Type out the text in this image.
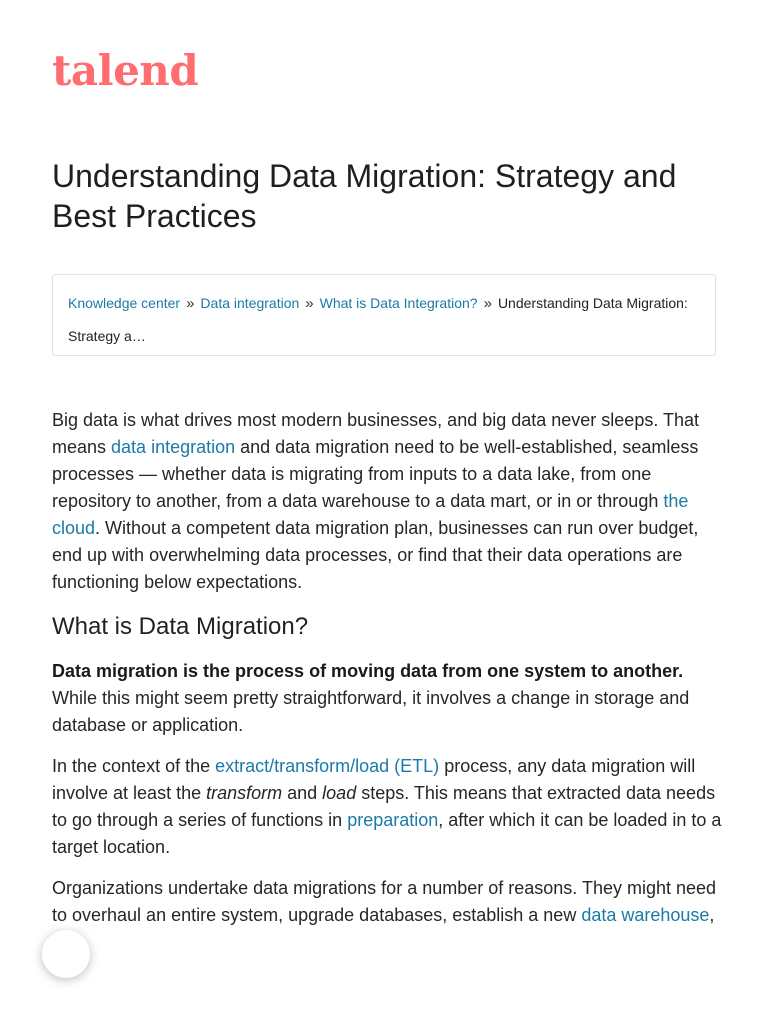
talend
Understanding Data Migration: Strategy and Best Practices
Knowledge center » Data integration » What is Data Integration? » Understanding Data Migration: Strategy a…

Big data is what drives most modern businesses, and big data never sleeps. That means data integration and data migration need to be well-established, seamless processes — whether data is migrating from inputs to a data lake, from one repository to another, from a data warehouse to a data mart, or in or through the cloud. Without a competent data migration plan, businesses can run over budget, end up with overwhelming data processes, or find that their data operations are functioning below expectations.

What is Data Migration?

Data migration is the process of moving data from one system to another. While this might seem pretty straightforward, it involves a change in storage and database or application.

In the context of the extract/transform/load (ETL) process, any data migration will involve at least the transform and load steps. This means that extracted data needs to go through a series of functions in preparation, after which it can be loaded in to a target location.

Organizations undertake data migrations for a number of reasons. They might need to overhaul an entire system, upgrade databases, establish a new data warehouse,
